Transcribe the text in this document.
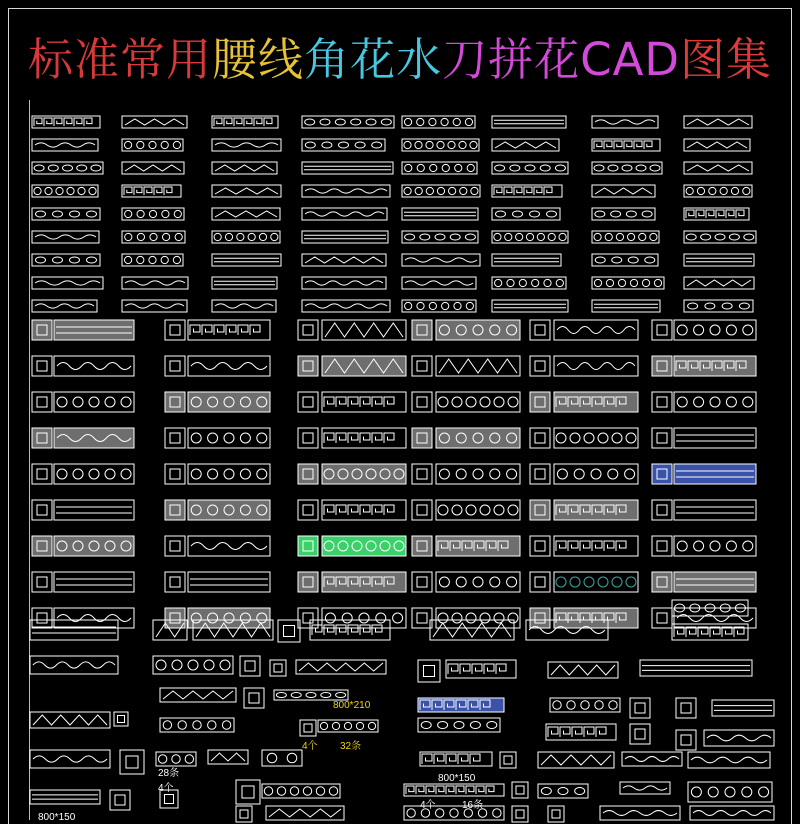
标准常用腰线角花水刀拼花CAD图集
800*210
4个 32条
28条
4个
800*150
800*150
4个	16条
